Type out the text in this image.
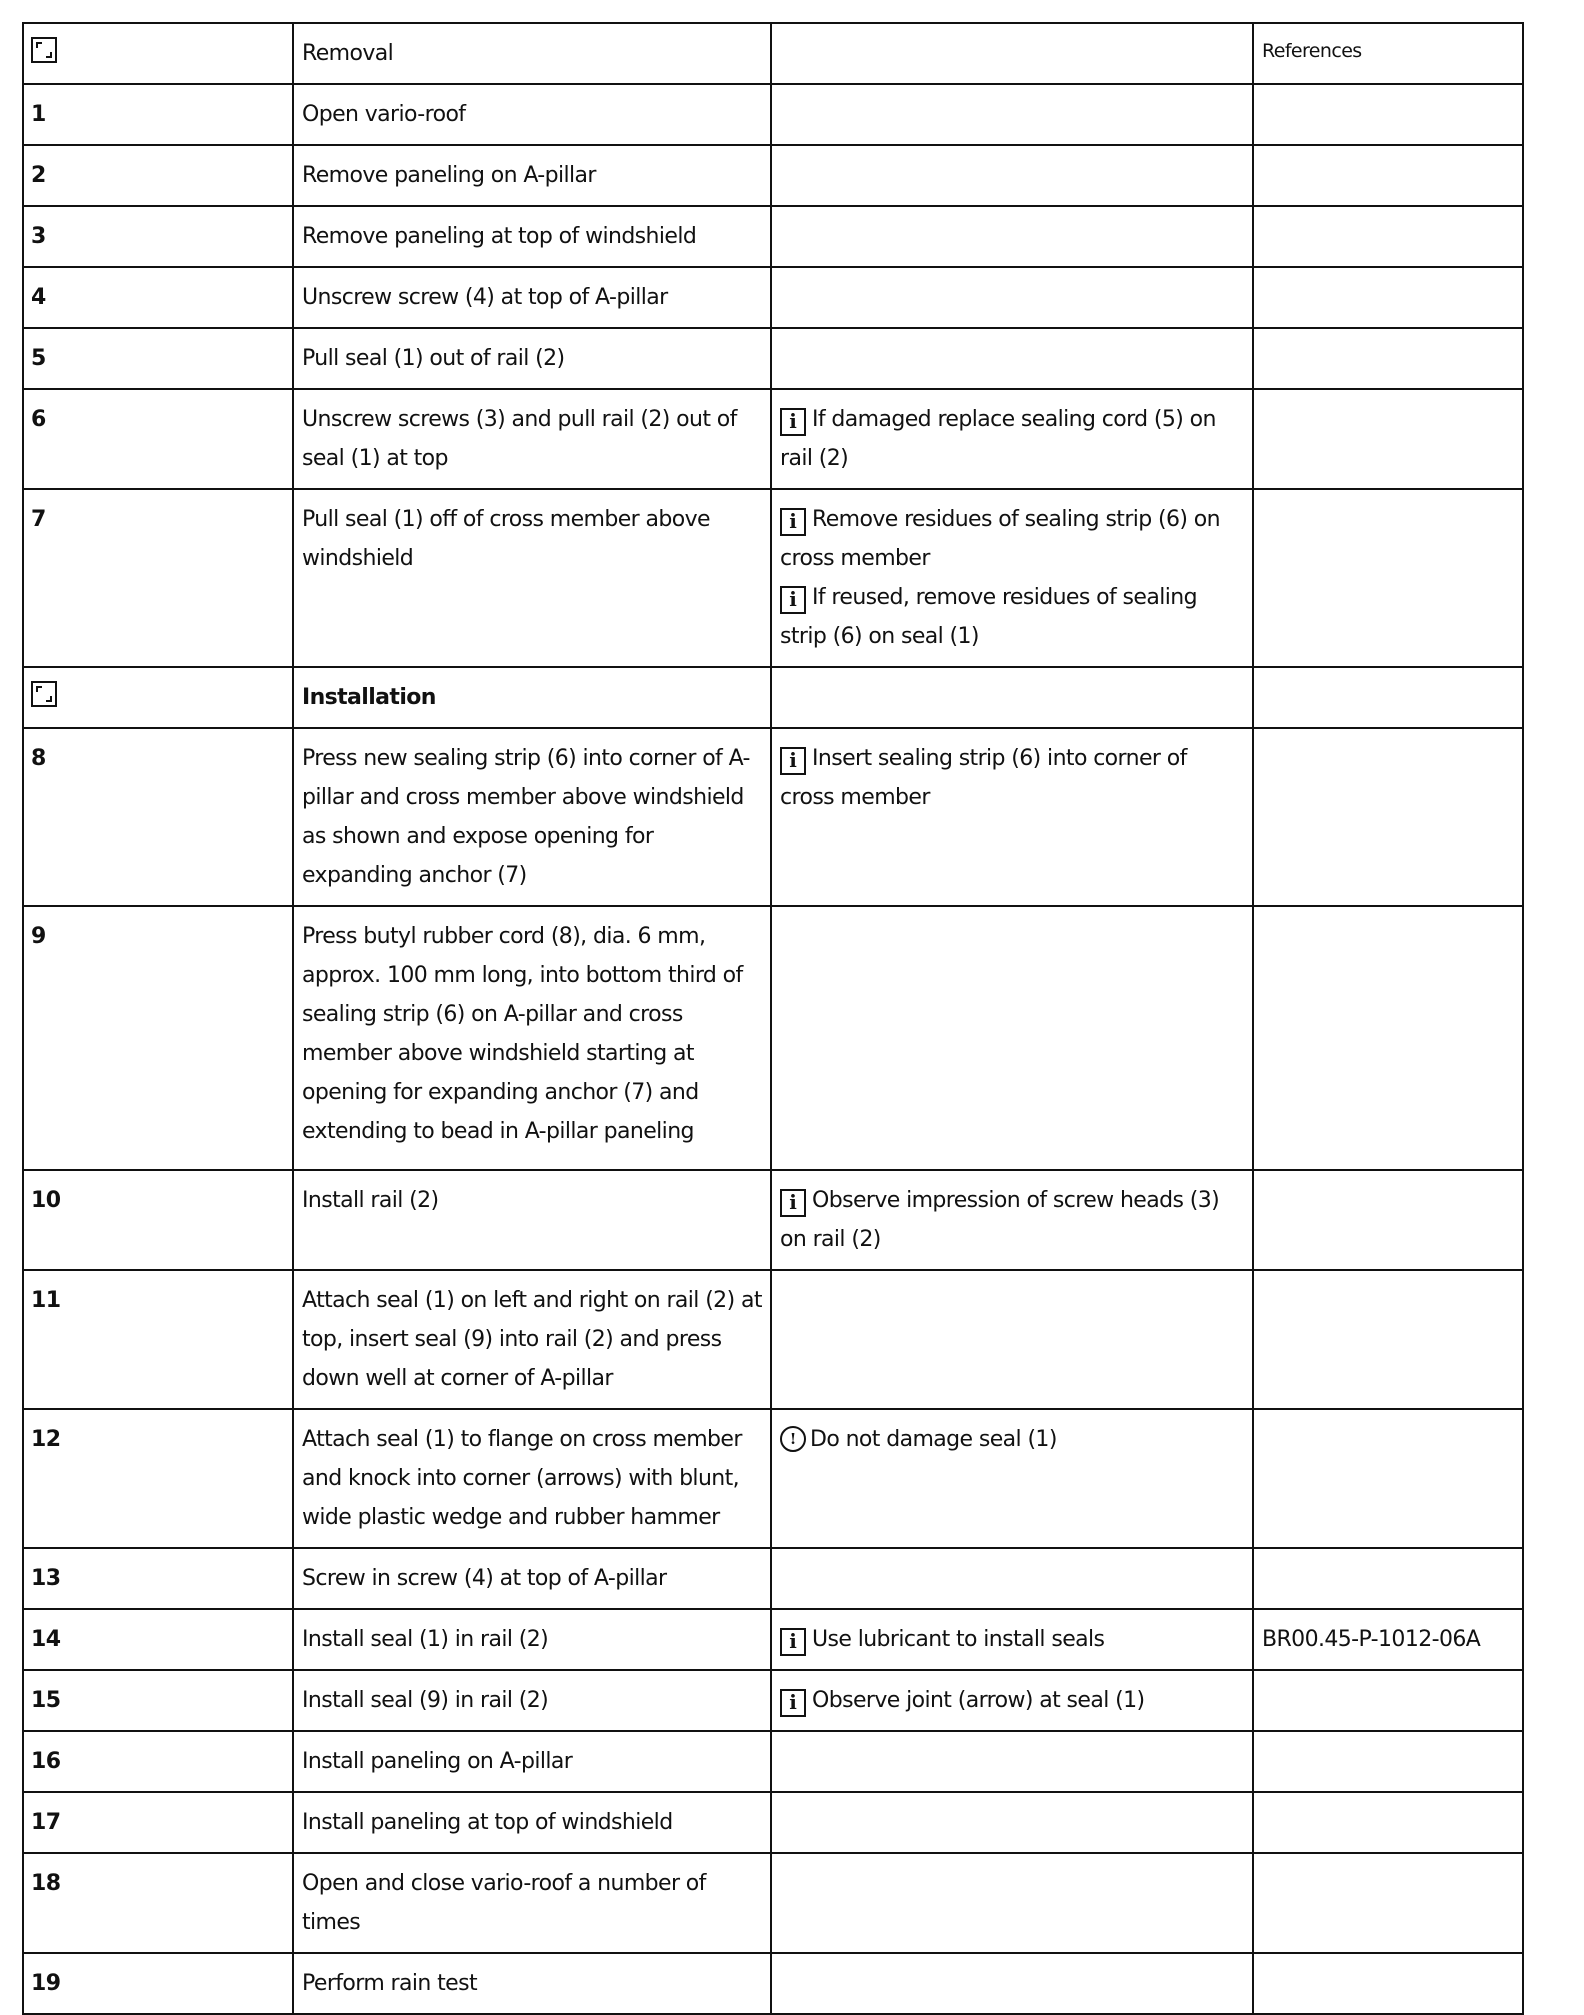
	Removal		References
1	Open vario-roof		
2	Remove paneling on A-pillar		
3	Remove paneling at top of windshield		
4	Unscrew screw (4) at top of A-pillar		
5	Pull seal (1) out of rail (2)		
6	Unscrew screws (3) and pull rail (2) out of seal (1) at top	i If damaged replace sealing cord (5) on rail (2)	

7	Pull seal (1) off of cross member above windshield	i Remove residues of sealing strip (6) on cross member
i If reused, remove residues of sealing strip (6) on seal (1)	

	Installation		
8	Press new sealing strip (6) into corner of A-pillar and cross member above windshield as shown and expose opening for expanding anchor (7)	i Insert sealing strip (6) into corner of cross member	

9	Press butyl rubber cord (8), dia. 6 mm, approx. 100 mm long, into bottom third of sealing strip (6) on A-pillar and cross member above windshield starting at opening for expanding anchor (7) and extending to bead in A-pillar paneling		
10	Install rail (2)	i Observe impression of screw heads (3) on rail (2)	

11	Attach seal (1) on left and right on rail (2) at top, insert seal (9) into rail (2) and press down well at corner of A-pillar		
12	Attach seal (1) to flange on cross member and knock into corner (arrows) with blunt, wide plastic wedge and rubber hammer	! Do not damage seal (1)	

13	Screw in screw (4) at top of A-pillar		
14	Install seal (1) in rail (2)	i Use lubricant to install seals	BR00.45-P-1012-06A
15	Install seal (9) in rail (2)	i Observe joint (arrow) at seal (1)	

16	Install paneling on A-pillar		
17	Install paneling at top of windshield		
18	Open and close vario-roof a number of times		
19	Perform rain test		
